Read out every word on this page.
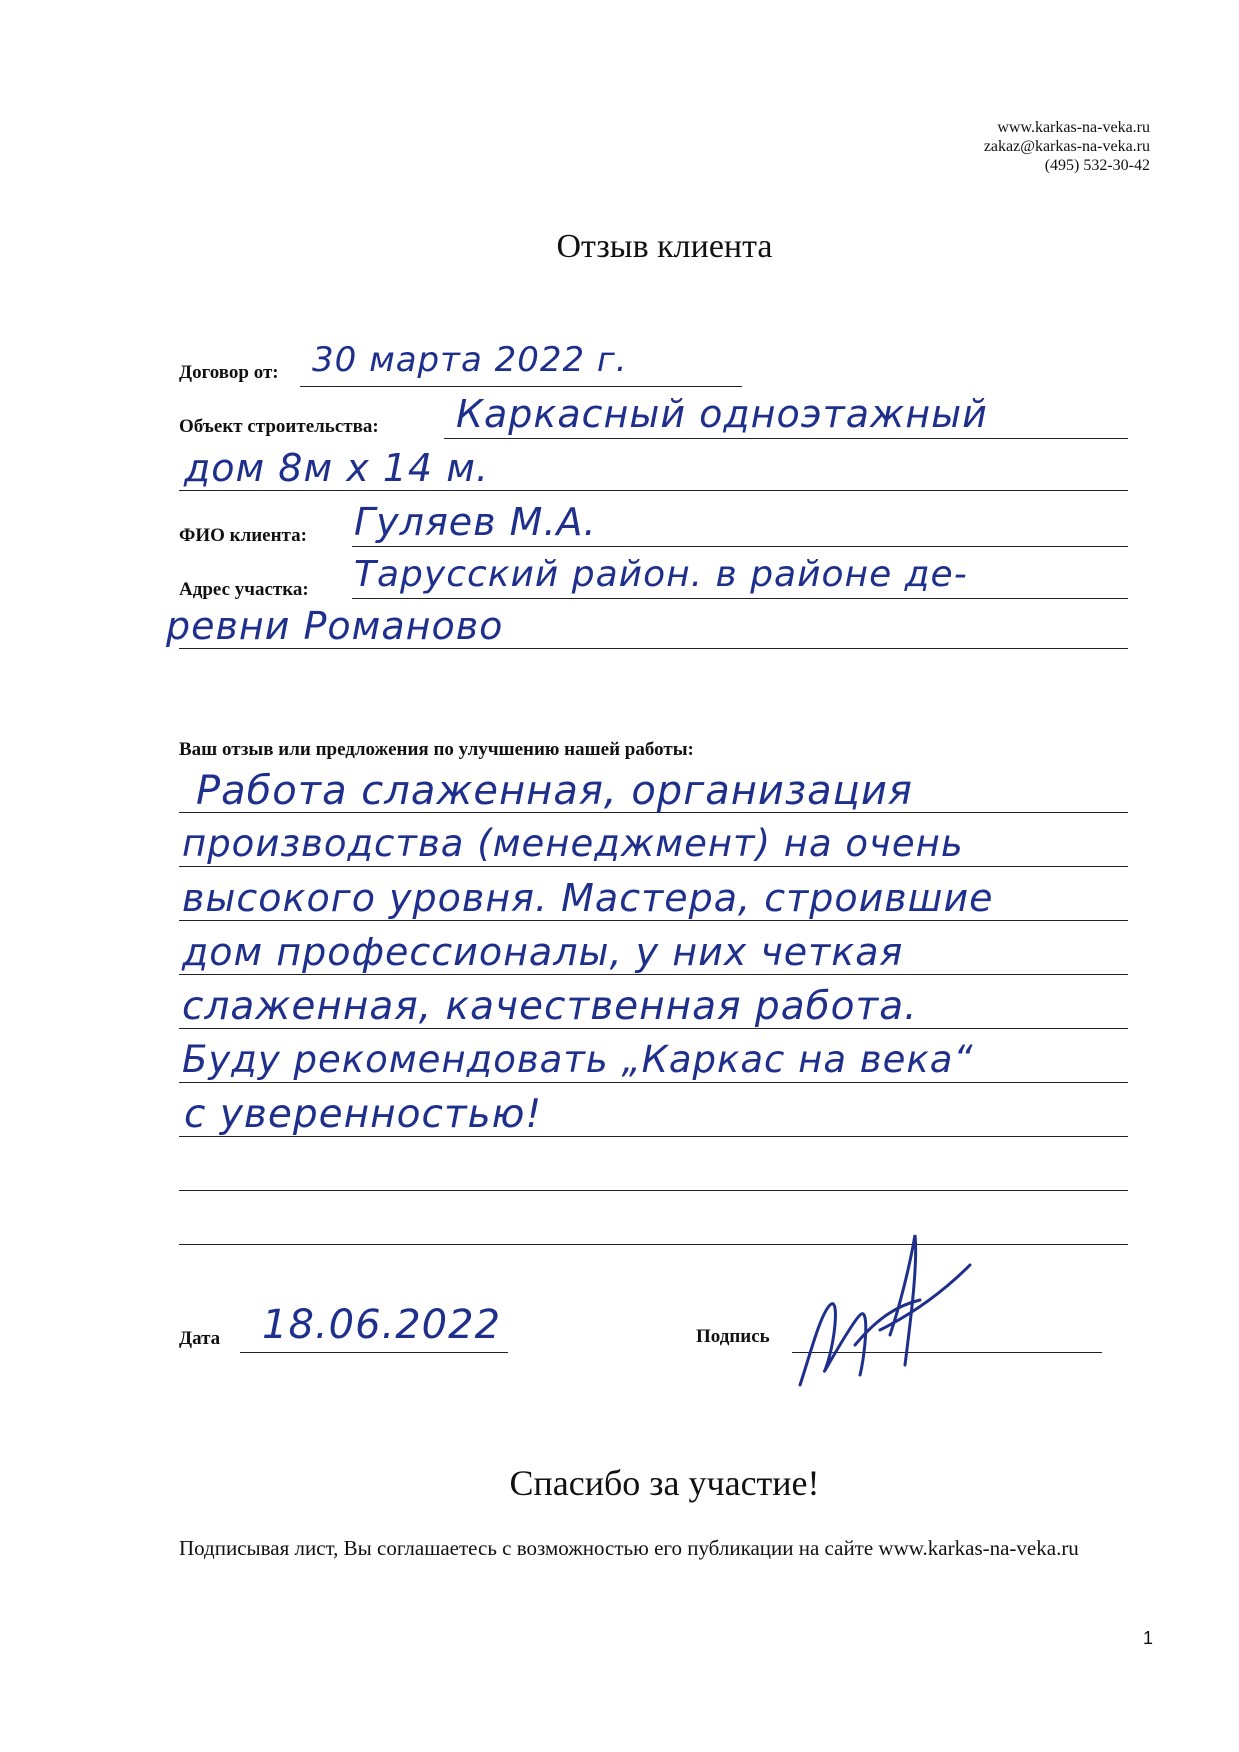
www.karkas-na-veka.ru
zakaz@karkas-na-veka.ru
(495) 532-30-42
Отзыв клиента
Договор от: 30 марта 2022 г.
Объект строительства: Каркасный одноэтажный
дом 8м х 14 м.
ФИО клиента: Гуляев М.А.
Адрес участка: Тарусский район. в районе де-
ревни Романово
Ваш отзыв или предложения по улучшению нашей работы:
Работа слаженная, организация
производства (менеджмент) на очень
высокого уровня. Мастера, строившие
дом профессионалы, у них четкая
слаженная, качественная работа.
Буду рекомендовать „Каркас на века“
с уверенностью!
Дата 18.06.2022	Подпись
Спасибо за участие!
Подписывая лист, Вы соглашаетесь с возможностью его публикации на сайте www.karkas-na-veka.ru
1
